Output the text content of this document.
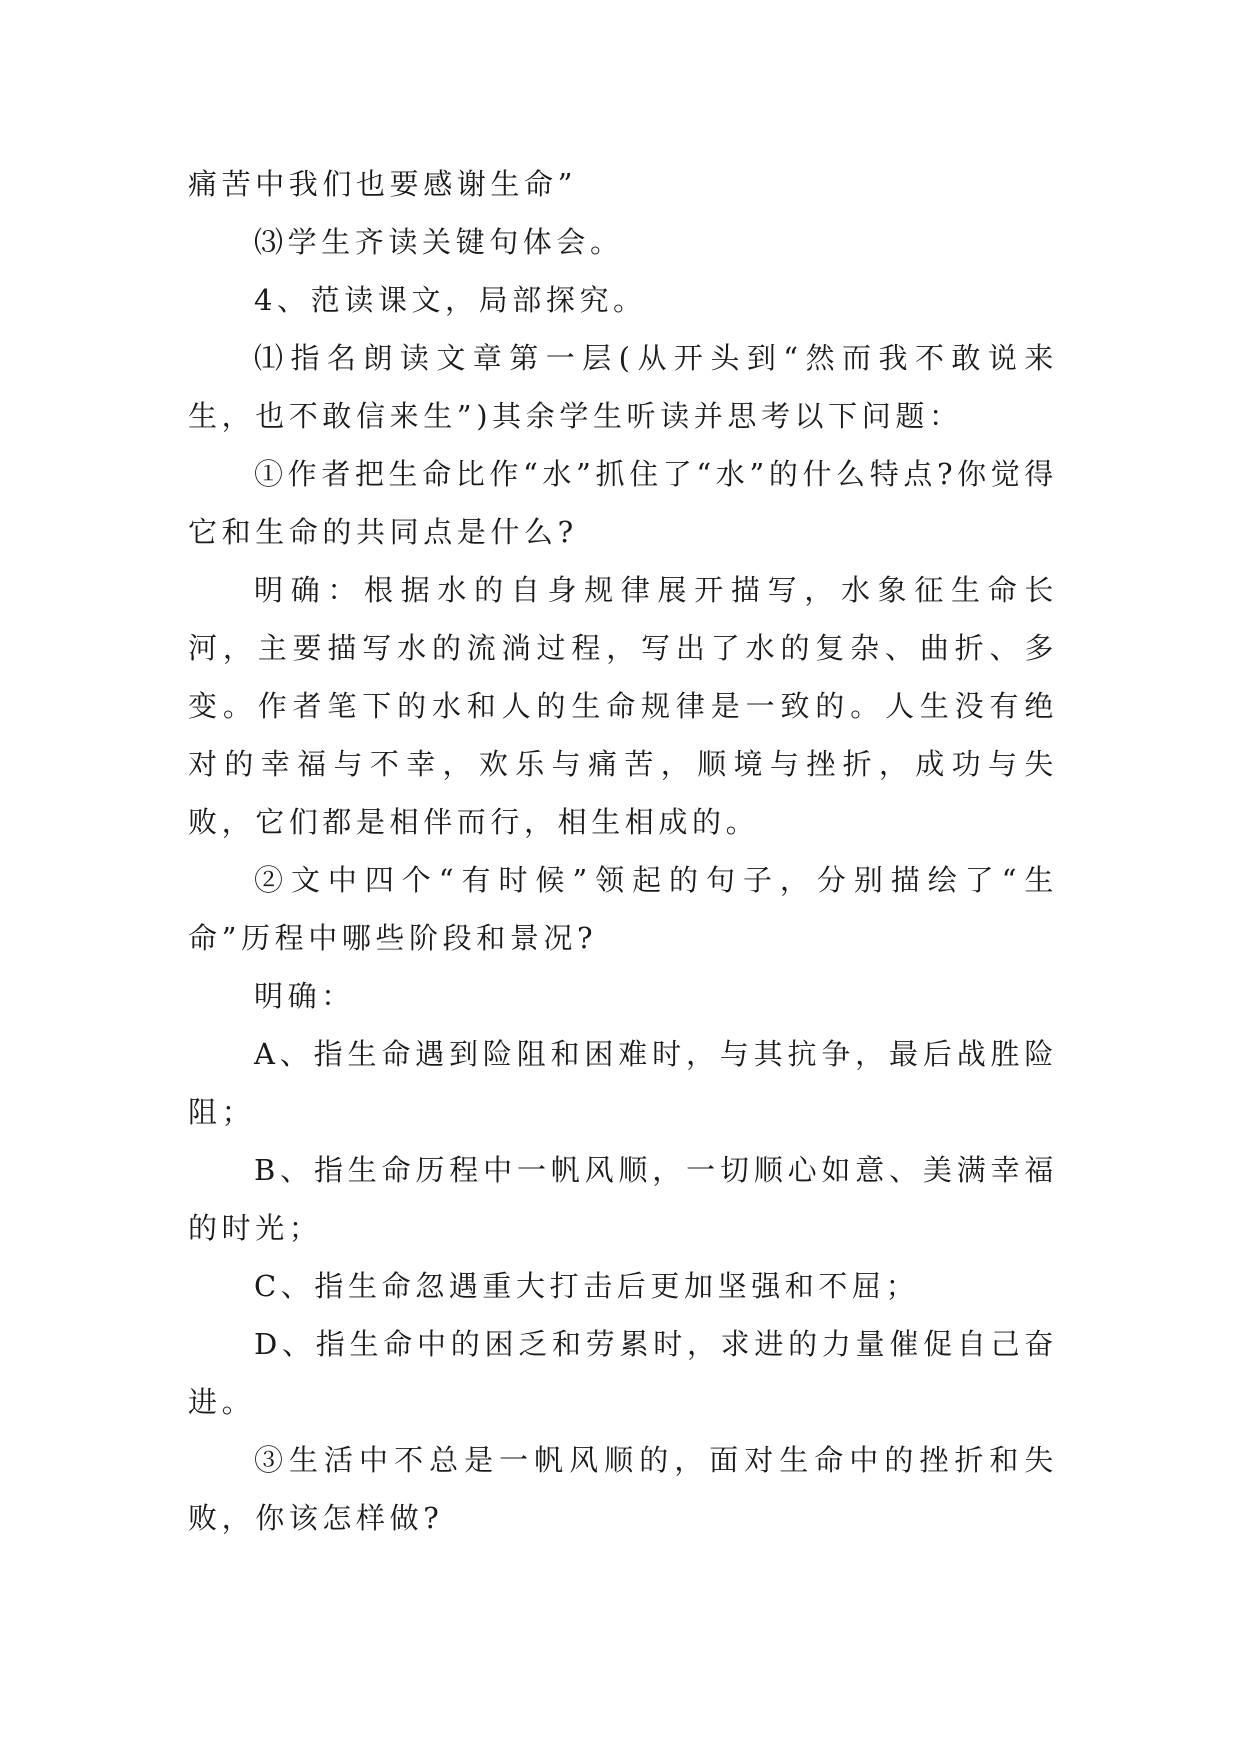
痛苦中我们也要感谢生命”

⑶学生齐读关键句体会。

4、范读课文，局部探究。

⑴指名朗读文章第一层(从开头到“然而我不敢说来生，也不敢信来生”)其余学生听读并思考以下问题：

①作者把生命比作“水”抓住了“水”的什么特点?你觉得它和生命的共同点是什么?

明确：根据水的自身规律展开描写，水象征生命长河，主要描写水的流淌过程，写出了水的复杂、曲折、多变。作者笔下的水和人的生命规律是一致的。人生没有绝对的幸福与不幸，欢乐与痛苦，顺境与挫折，成功与失败，它们都是相伴而行，相生相成的。

②文中四个“有时候”领起的句子，分别描绘了“生命”历程中哪些阶段和景况?

明确：

A、指生命遇到险阻和困难时，与其抗争，最后战胜险阻；

B、指生命历程中一帆风顺，一切顺心如意、美满幸福的时光；

C、指生命忽遇重大打击后更加坚强和不屈；

D、指生命中的困乏和劳累时，求进的力量催促自己奋进。

③生活中不总是一帆风顺的，面对生命中的挫折和失败，你该怎样做?
